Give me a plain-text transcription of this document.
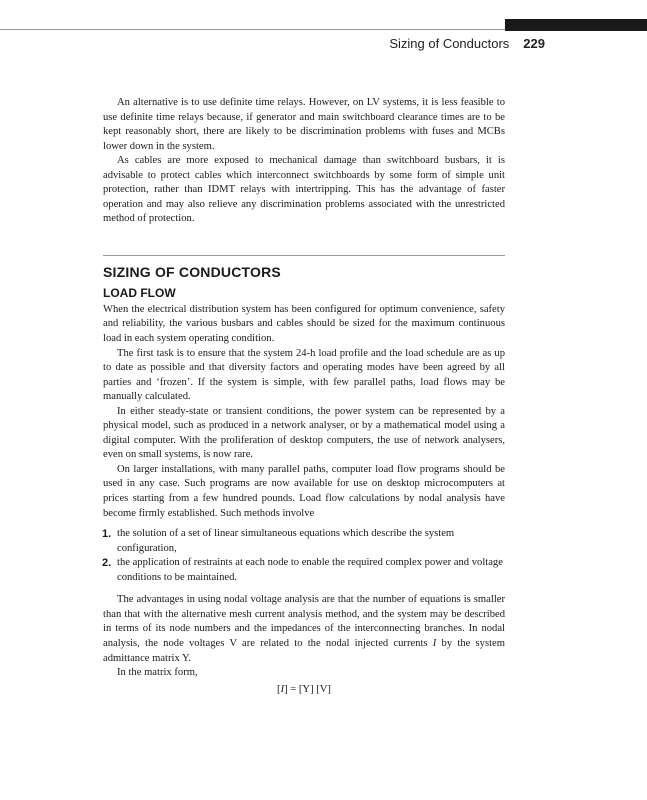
Sizing of Conductors 229

An alternative is to use definite time relays. However, on LV systems, it is less feasible to use definite time relays because, if generator and main switchboard clearance times are to be kept reasonably short, there are likely to be discrimination problems with fuses and MCBs lower down in the system.

As cables are more exposed to mechanical damage than switchboard busbars, it is advisable to protect cables which interconnect switchboards by some form of simple unit protection, rather than IDMT relays with intertripping. This has the advantage of faster operation and may also relieve any discrimination problems associated with the unrestricted method of protection.

SIZING OF CONDUCTORS
LOAD FLOW

When the electrical distribution system has been configured for optimum convenience, safety and reliability, the various busbars and cables should be sized for the maximum continuous load in each system operating condition.

The first task is to ensure that the system 24-h load profile and the load schedule are as up to date as possible and that diversity factors and operating modes have been agreed by all parties and ‘frozen’. If the system is simple, with few parallel paths, load flows may be manually calculated.

In either steady-state or transient conditions, the power system can be represented by a physical model, such as produced in a network analyser, or by a mathematical model using a digital computer. With the proliferation of desktop computers, the use of network analysers, even on small systems, is now rare.

On larger installations, with many parallel paths, computer load flow programs should be used in any case. Such programs are now available for use on desktop microcomputers at prices starting from a few hundred pounds. Load flow calculations by nodal analysis have become firmly established. Such methods involve

1. the solution of a set of linear simultaneous equations which describe the system configuration,
2. the application of restraints at each node to enable the required complex power and voltage conditions to be maintained.

The advantages in using nodal voltage analysis are that the number of equations is smaller than that with the alternative mesh current analysis method, and the system may be described in terms of its node numbers and the impedances of the interconnecting branches. In nodal analysis, the node voltages V are related to the nodal injected currents I by the system admittance matrix Y.

In the matrix form,

[I] = [Y] [V]
